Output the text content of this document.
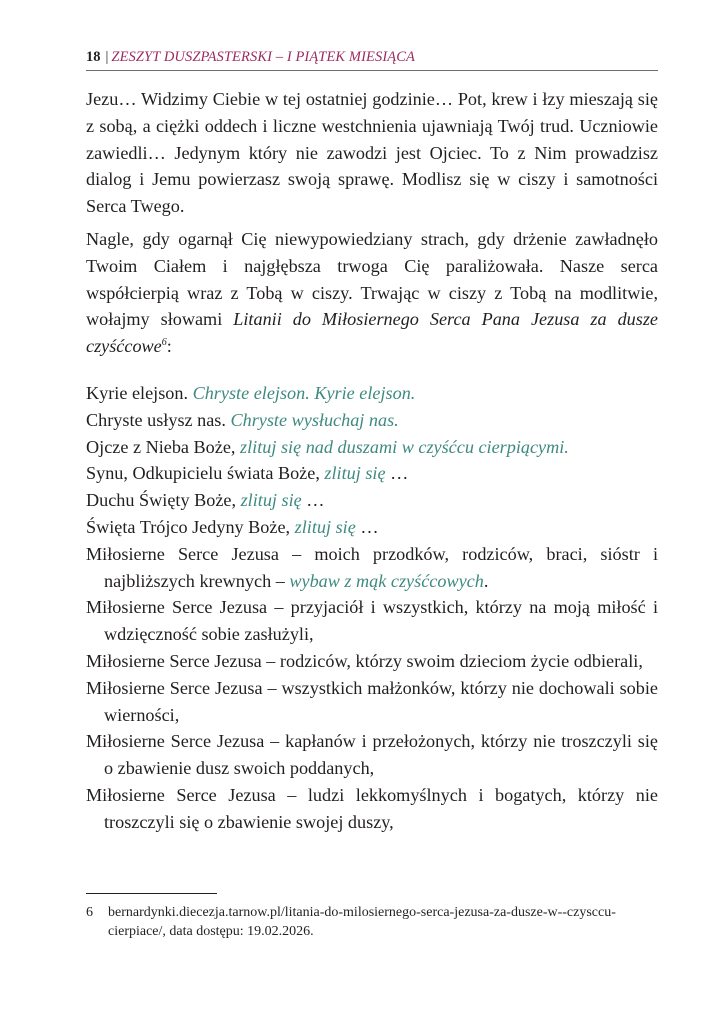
18 | ZESZYT DUSZPASTERSKI – I PIĄTEK MIESIĄCA

Jezu… Widzimy Ciebie w tej ostatniej godzinie… Pot, krew i łzy mieszają się z sobą, a ciężki oddech i liczne westchnienia ujawniają Twój trud. Uczniowie zawiedli… Jedynym który nie zawodzi jest Ojciec. To z Nim prowadzisz dialog i Jemu powierzasz swoją sprawę. Modlisz się w ciszy i samotności Serca Twego.

Nagle, gdy ogarnął Cię niewypowiedziany strach, gdy drżenie zawładnęło Twoim Ciałem i najgłębsza trwoga Cię paraliżowała. Nasze serca współcierpią wraz z Tobą w ciszy. Trwając w ciszy z Tobą na modlitwie, wołajmy słowami Litanii do Miłosiernego Serca Pana Jezusa za dusze czyśćcowe$^6$:

Kyrie elejson. Chryste elejson. Kyrie elejson.
Chryste usłysz nas. Chryste wysłuchaj nas.
Ojcze z Nieba Boże, zlituj się nad duszami w czyśćcu cierpiącymi.
Synu, Odkupicielu świata Boże, zlituj się …
Duchu Święty Boże, zlituj się …
Święta Trójco Jedyny Boże, zlituj się …
Miłosierne Serce Jezusa – moich przodków, rodziców, braci, sióstr i najbliższych krewnych – wybaw z mąk czyśćcowych.
Miłosierne Serce Jezusa – przyjaciół i wszystkich, którzy na moją miłość i wdzięczność sobie zasłużyli,
Miłosierne Serce Jezusa – rodziców, którzy swoim dzieciom życie odbierali,
Miłosierne Serce Jezusa – wszystkich małżonków, którzy nie dochowali sobie wierności,
Miłosierne Serce Jezusa – kapłanów i przełożonych, którzy nie troszczyli się o zbawienie dusz swoich poddanych,
Miłosierne Serce Jezusa – ludzi lekkomyślnych i bogatych, którzy nie troszczyli się o zbawienie swojej duszy,
6 bernardynki.diecezja.tarnow.pl/litania-do-milosiernego-serca-jezusa-za-dusze-w--czysccu-cierpiace/, data dostępu: 19.02.2026.
